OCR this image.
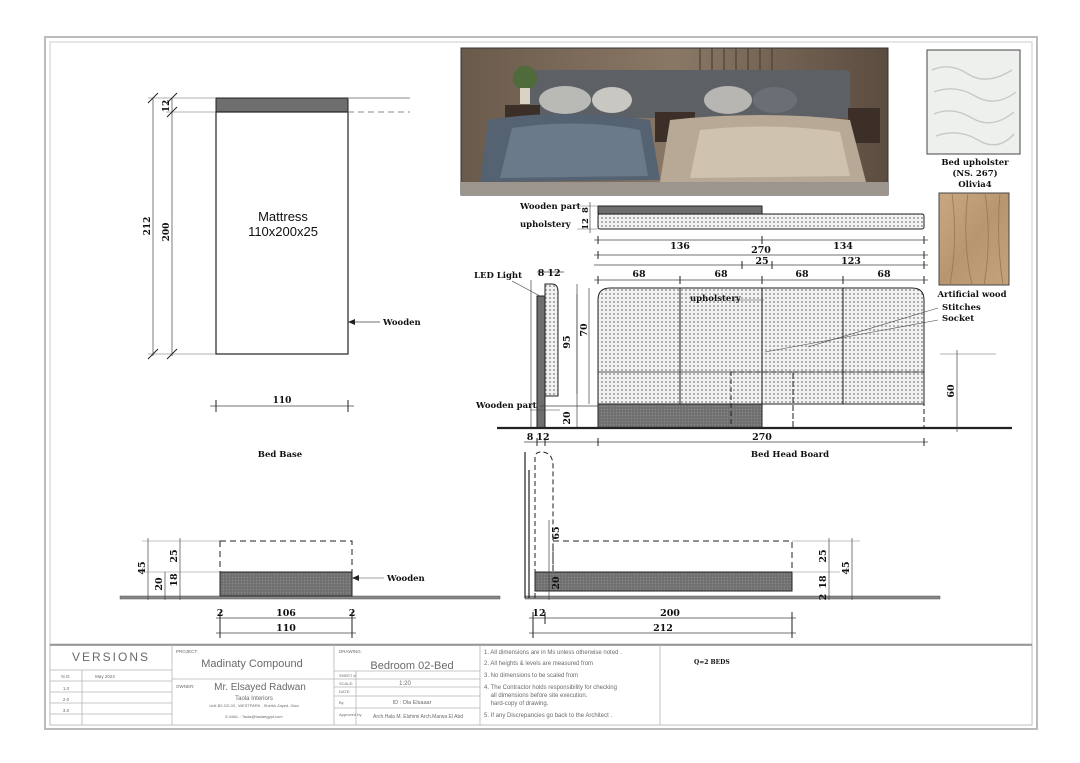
Mattress
110x200x25
12
200
212
110
Wooden
Bed Base
Bed upholster
(NS. 267)
Olivia4
Artificial wood
Wooden part
upholstery
8
12
136	134
270
25	123
68	68	68	68
LED Light 8 12
95
70
20
60
upholstery
Wooden part
Stitches
Socket
8 12	270
Bed Head Board
45
25
20 18
2	106	2
110
Wooden
65
20
25
45
18
2
12	200
212
VERSIONS
N.O.	May 2024
1.0
2.0
3.0
PROJECT:
Madinaty Compound
OWNER: Mr. Elsayed Radwan
Taola Interiors
Unit B2-G2-03 , WESTPARK , Sheikh Zayed, Giza
E-MAIL : Taola@taolaegypt.com
DRAWING:
Bedroom 02-Bed
SHEET #:
SCALE:	1:20
DATE:
By	ID : Ola Elsaaar
Approved by Arch.Hala M. Elshimi Arch.Marwa El Abd
1. All dimensions are in Ms unless otherwise noted .
2. All heights & levels are measured from
3. No dimensions to be scaled from
4. The Contractor holds responsibility for checking
all dimensions before site execution.
hard-copy of drawing.
5. If any Discrepancies go back to the Architect .
Q=2 BEDS
